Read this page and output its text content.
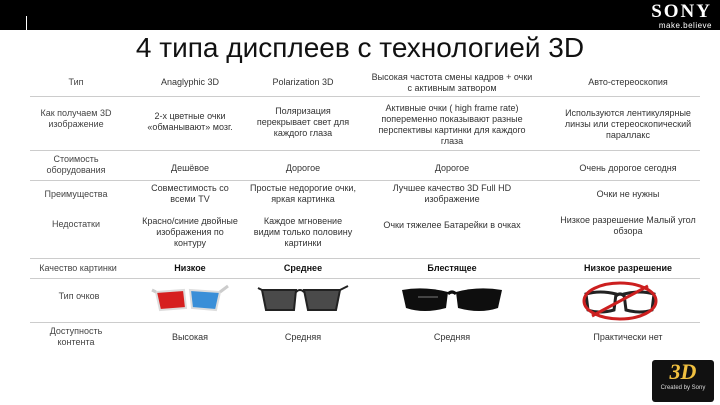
SONY
make.believe
4 типа дисплеев с технологией 3D
Тип
Как получаем 3D изображение
Стоимость оборудования
Преимущества
Недостатки
Качество картинки
Тип очков
Доступность контента
Anaglyphic 3D
2-х цветные очки «обманывают» мозг.
Дешёвое
Совместимость со всеми TV
Красно/синие двойные изображения по контуру
Низкое
Высокая
Polarization 3D
Поляризация перекрывает свет для каждого глаза
Дорогое
Простые недорогие очки, яркая картинка
Каждое мгновение видим только половину картинки
Среднее
Средняя
Высокая частота смены кадров + очки с активным затвором
Активные очки ( high frame rate) попеременно показывают разные перспективы картинки для каждого глаза
Дорогое
Лучшее качество 3D Full HD изображение
Очки тяжелее Батарейки в очках
Блестящее
Средняя
Авто-стереоскопия
Используются лентикулярные линзы или стереоскопический параллакс
Очень дорогое сегодня
Очки не нужны
Низкое разрешение Малый угол обзора
Низкое разрешение
Практически нет
3D
Created by Sony
